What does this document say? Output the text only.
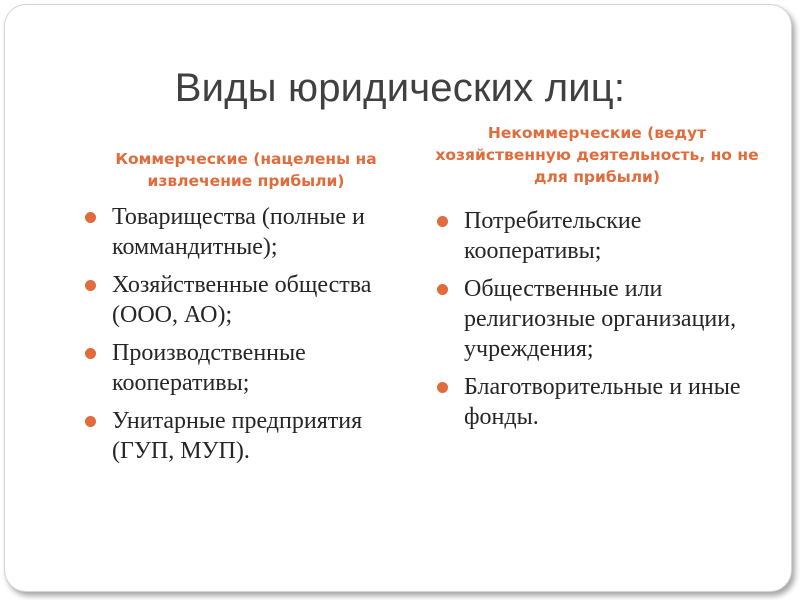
Виды юридических лиц:
Коммерческие (нацелены на извлечение прибыли)
Некоммерческие (ведут хозяйственную деятельность, но не для прибыли)
Товарищества (полные и коммандитные);
Хозяйственные общества (ООО, АО);
Производственные кооперативы;
Унитарные предприятия (ГУП, МУП).
Потребительские кооперативы;
Общественные или религиозные организации, учреждения;
Благотворительные и иные фонды.
